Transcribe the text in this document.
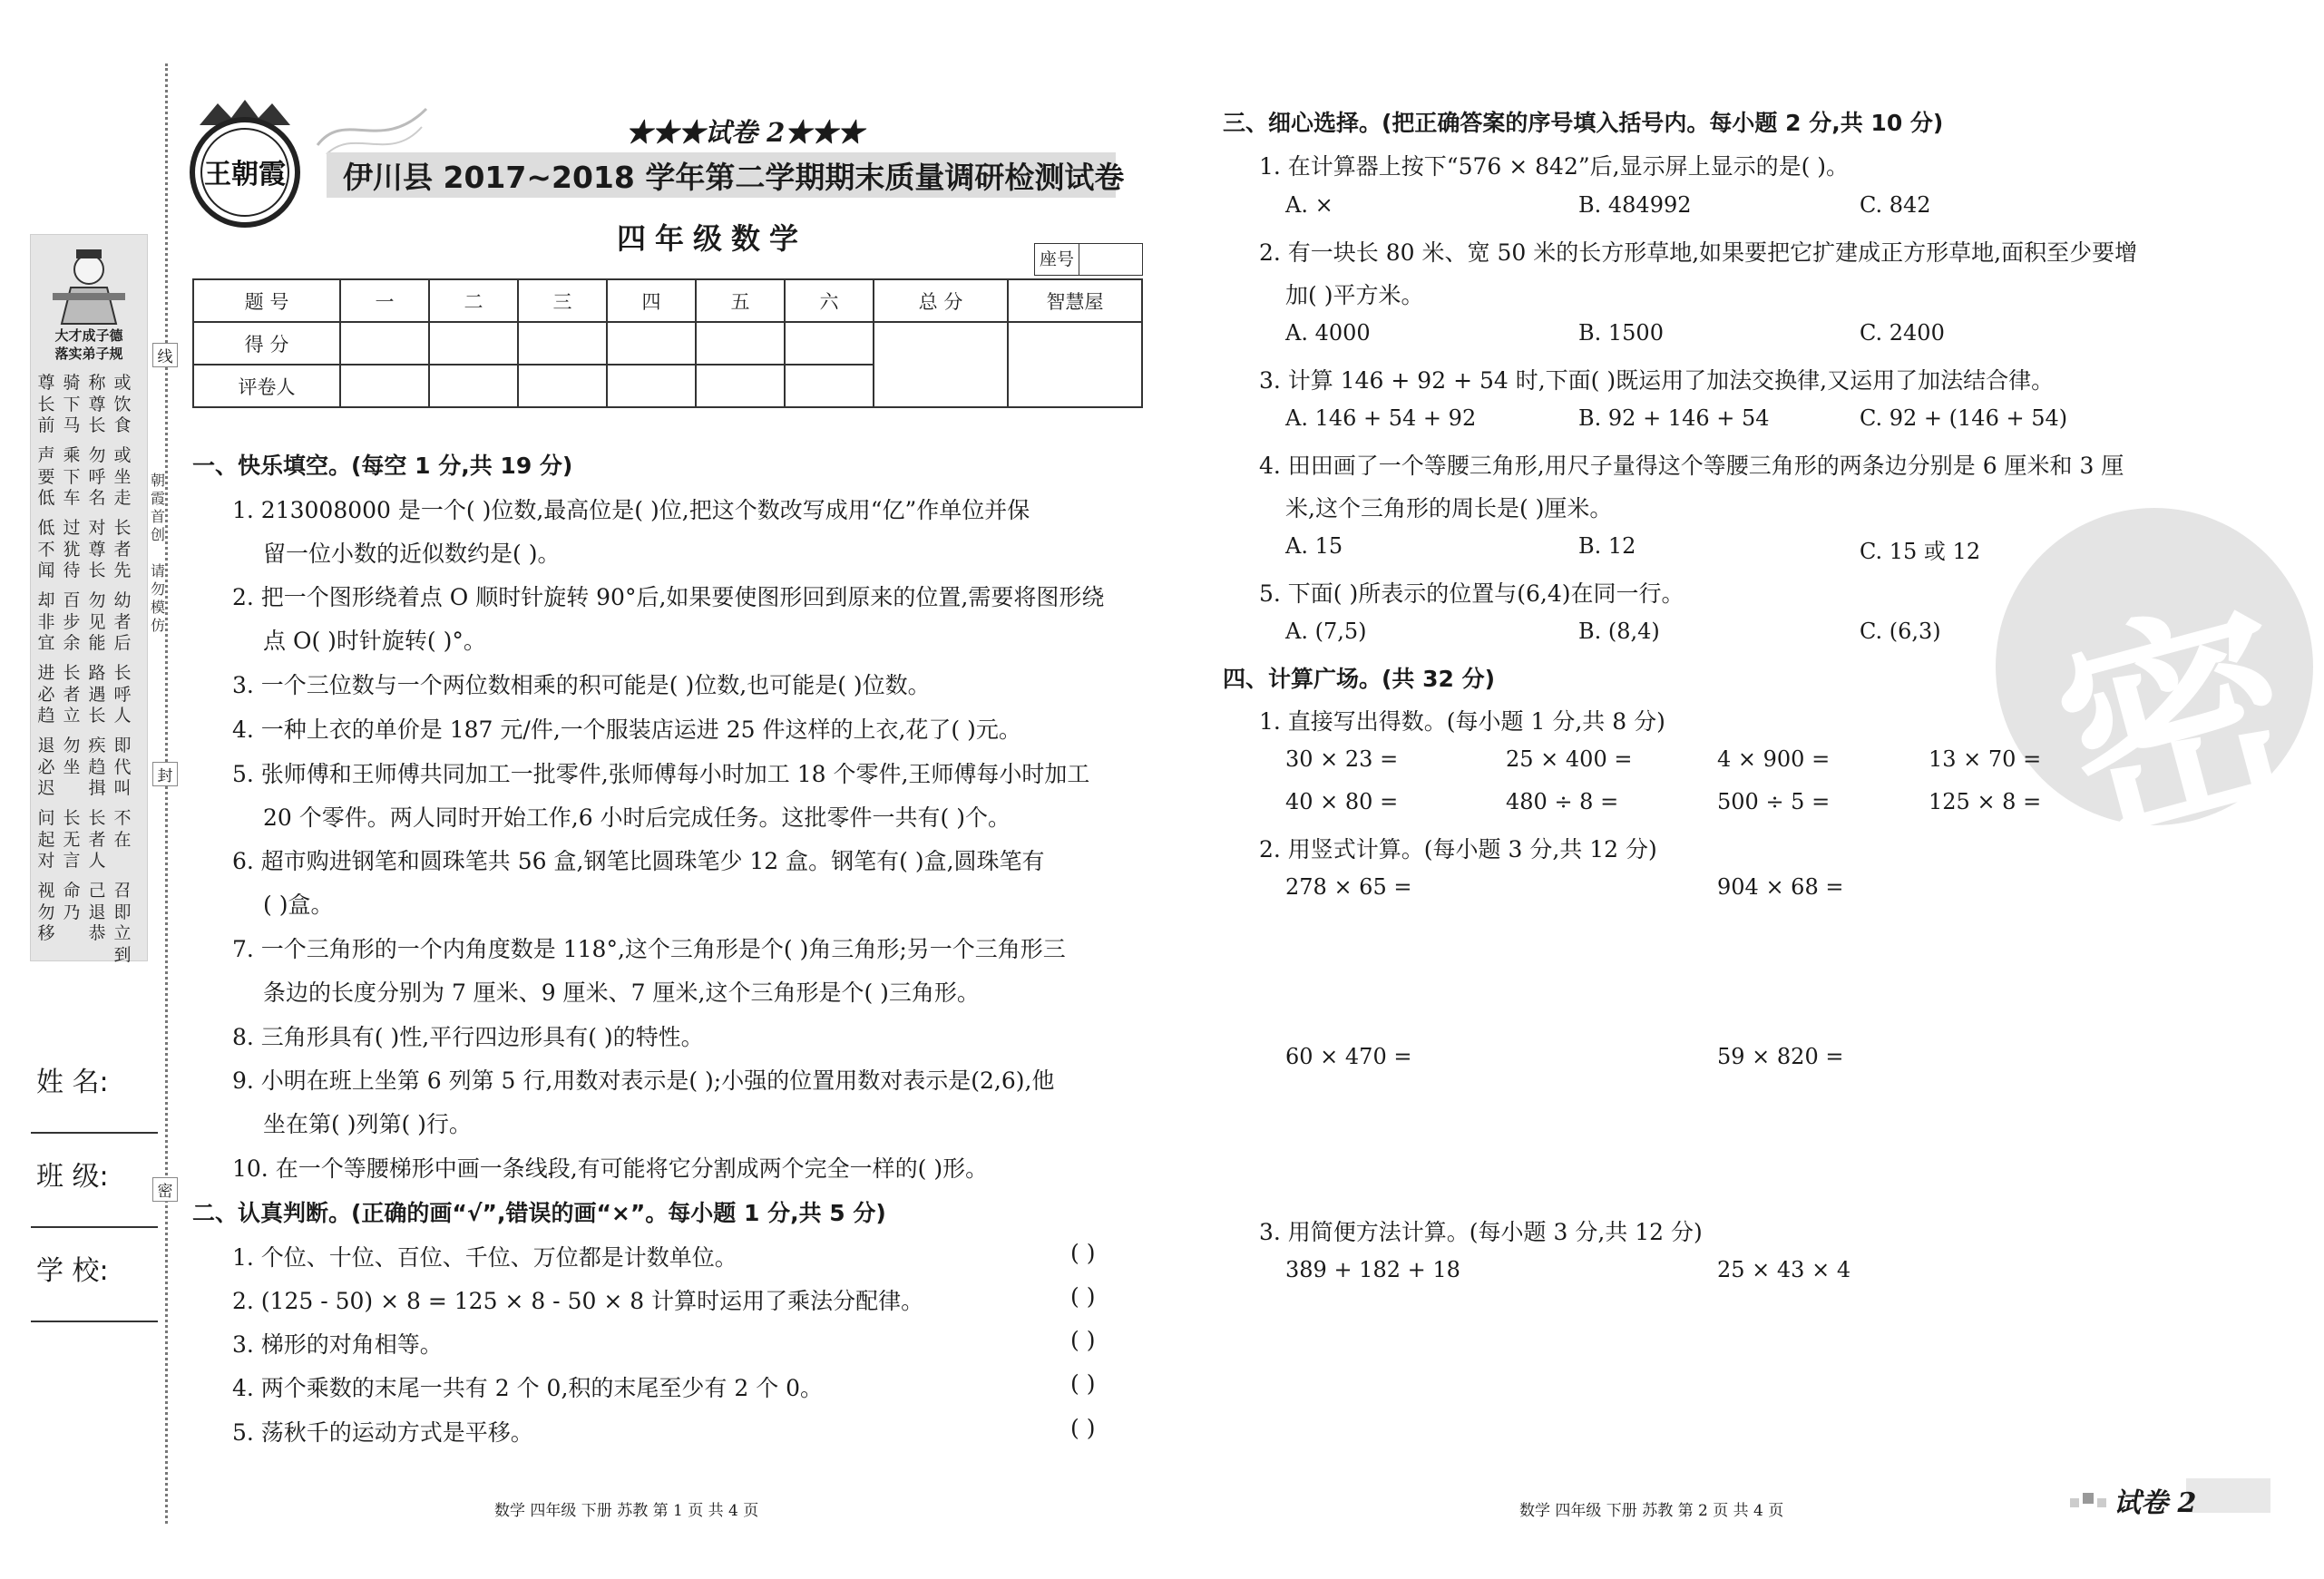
线
封
密
大才成子德
落实弟子规
尊长前
骑下马
称尊长
或饮食
声要低
乘下车
勿呼名
或坐走
低不闻
过犹待
对尊长
长者先
却非宜
百步余
勿见能
幼者后
进必趋
长者立
路遇长
长呼人
退必迟
勿坐
疾趋揖
即代叫
问起对
长无言
长者人
不在
视勿移
命乃
己退恭
召即立到
朝霞首创
请勿模仿
姓 名:
班 级:
学 校:
王朝霞
★★★试卷 2★★★
伊川县 2017~2018 学年第二学期期末质量调研检测试卷
四年级数学
座号
题 号	一	二	三	四	五	六	总 分	智慧屋
得 分								
评卷人								
一、快乐填空。(每空 1 分,共 19 分)
1. 213008000 是一个( )位数,最高位是( )位,把这个数改写成用“亿”作单位并保
留一位小数的近似数约是( )。
2. 把一个图形绕着点 O 顺时针旋转 90°后,如果要使图形回到原来的位置,需要将图形绕
点 O( )时针旋转( )°。
3. 一个三位数与一个两位数相乘的积可能是( )位数,也可能是( )位数。
4. 一种上衣的单价是 187 元/件,一个服装店运进 25 件这样的上衣,花了( )元。
5. 张师傅和王师傅共同加工一批零件,张师傅每小时加工 18 个零件,王师傅每小时加工
20 个零件。两人同时开始工作,6 小时后完成任务。这批零件一共有( )个。
6. 超市购进钢笔和圆珠笔共 56 盒,钢笔比圆珠笔少 12 盒。钢笔有( )盒,圆珠笔有
( )盒。
7. 一个三角形的一个内角度数是 118°,这个三角形是个( )角三角形;另一个三角形三
条边的长度分别为 7 厘米、9 厘米、7 厘米,这个三角形是个( )三角形。
8. 三角形具有( )性,平行四边形具有( )的特性。
9. 小明在班上坐第 6 列第 5 行,用数对表示是( );小强的位置用数对表示是(2,6),他
坐在第( )列第( )行。
10. 在一个等腰梯形中画一条线段,有可能将它分割成两个完全一样的( )形。
二、认真判断。(正确的画“√”,错误的画“×”。每小题 1 分,共 5 分)
1. 个位、十位、百位、千位、万位都是计数单位。	( )
2. (125 - 50) × 8 = 125 × 8 - 50 × 8 计算时运用了乘法分配律。	( )
3. 梯形的对角相等。	( )
4. 两个乘数的末尾一共有 2 个 0,积的末尾至少有 2 个 0。	( )
5. 荡秋千的运动方式是平移。	( )
数学 四年级 下册 苏教 第 1 页 共 4 页
密
三、细心选择。(把正确答案的序号填入括号内。每小题 2 分,共 10 分)
1. 在计算器上按下“576 × 842”后,显示屏上显示的是( )。
A. ×	B. 484992	C. 842
2. 有一块长 80 米、宽 50 米的长方形草地,如果要把它扩建成正方形草地,面积至少要增
加( )平方米。
A. 4000	B. 1500	C. 2400
3. 计算 146 + 92 + 54 时,下面( )既运用了加法交换律,又运用了加法结合律。
A. 146 + 54 + 92	B. 92 + 146 + 54	C. 92 + (146 + 54)
4. 田田画了一个等腰三角形,用尺子量得这个等腰三角形的两条边分别是 6 厘米和 3 厘
米,这个三角形的周长是( )厘米。
A. 15	B. 12	C. 15 或 12
5. 下面( )所表示的位置与(6,4)在同一行。
A. (7,5)	B. (8,4)	C. (6,3)
四、计算广场。(共 32 分)
1. 直接写出得数。(每小题 1 分,共 8 分)
30 × 23 =	25 × 400 =	4 × 900 =	13 × 70 =
40 × 80 =	480 ÷ 8 =	500 ÷ 5 =	125 × 8 =
2. 用竖式计算。(每小题 3 分,共 12 分)
278 × 65 =	904 × 68 =
60 × 470 =	59 × 820 =
3. 用简便方法计算。(每小题 3 分,共 12 分)
389 + 182 + 18	25 × 43 × 4
数学 四年级 下册 苏教 第 2 页 共 4 页	试卷 2
